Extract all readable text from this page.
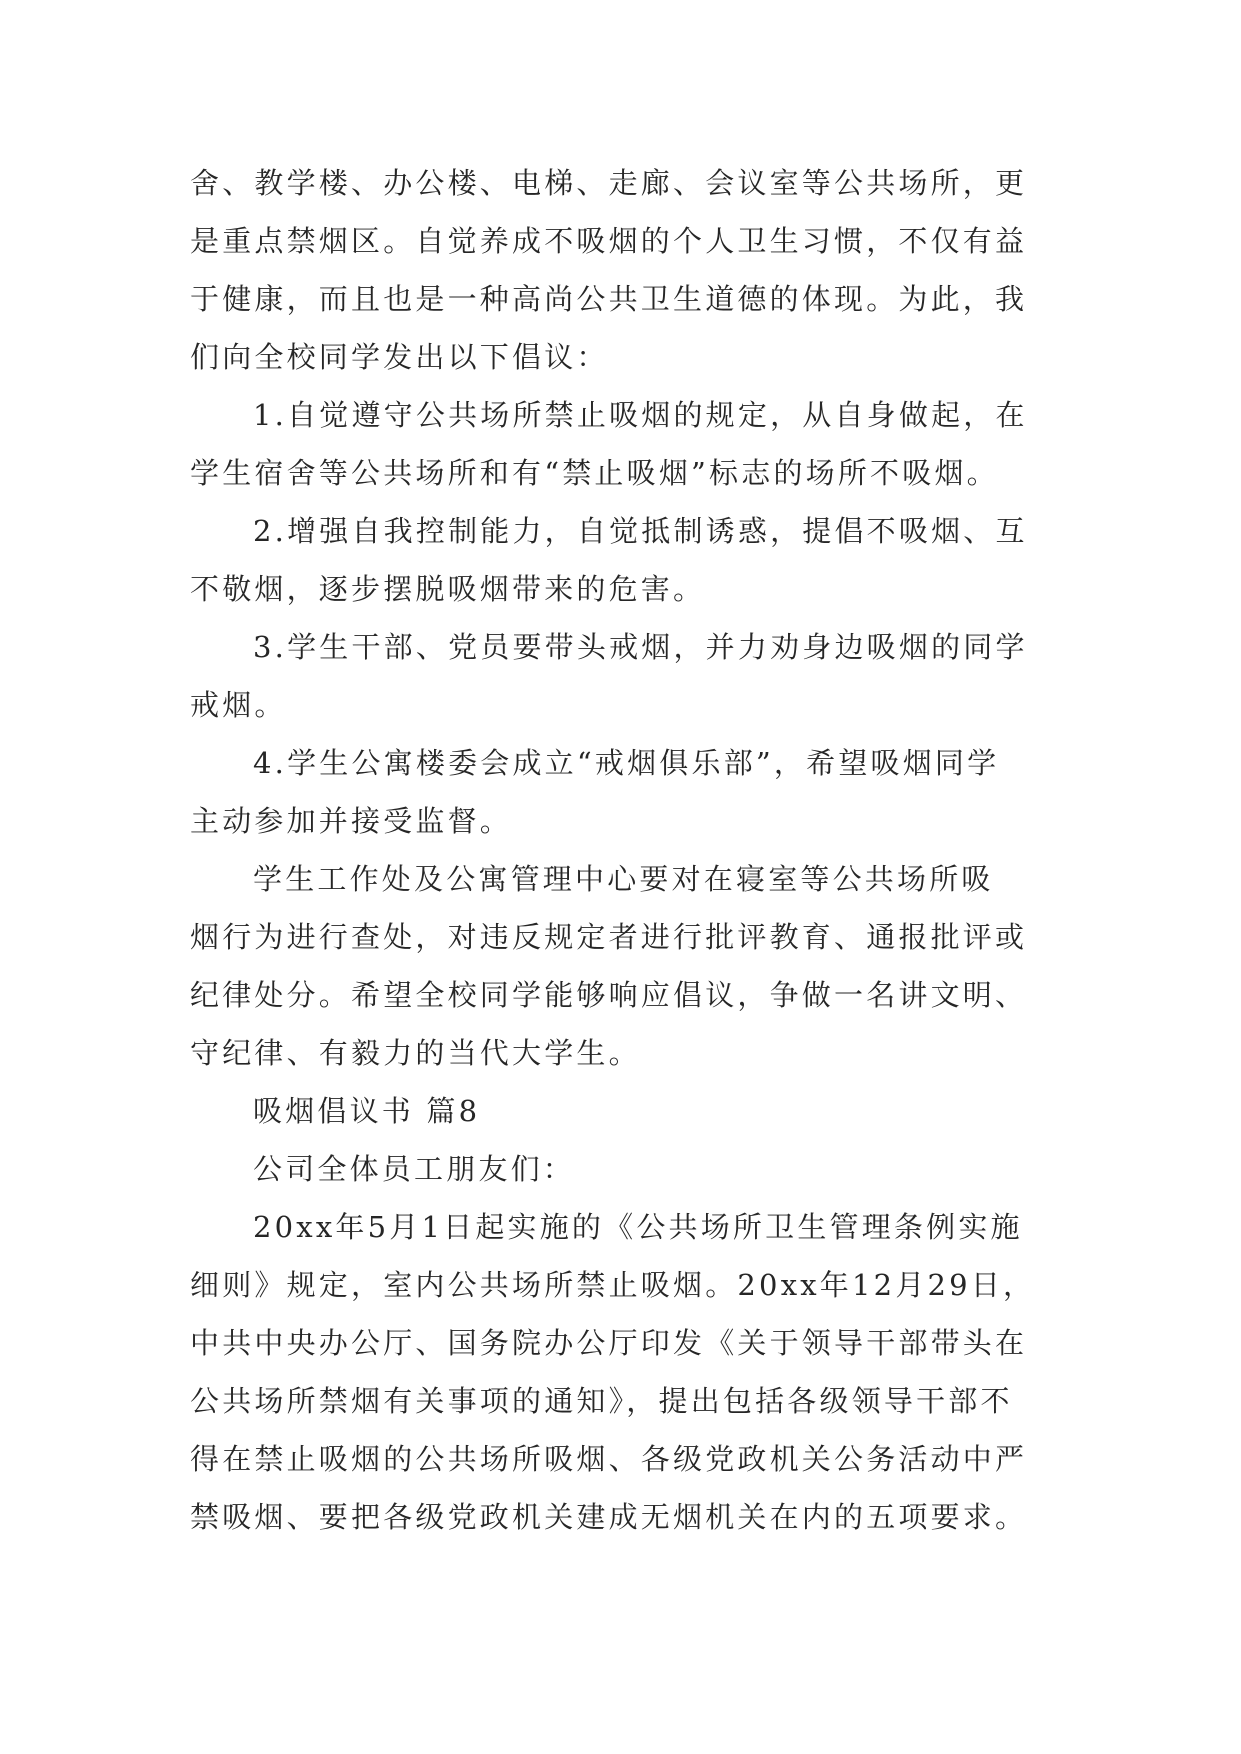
舍、教学楼、办公楼、电梯、走廊、会议室等公共场所，更
是重点禁烟区。自觉养成不吸烟的个人卫生习惯，不仅有益
于健康，而且也是一种高尚公共卫生道德的体现。为此，我
们向全校同学发出以下倡议：
1.自觉遵守公共场所禁止吸烟的规定，从自身做起，在
学生宿舍等公共场所和有“禁止吸烟”标志的场所不吸烟。
2.增强自我控制能力，自觉抵制诱惑，提倡不吸烟、互
不敬烟，逐步摆脱吸烟带来的危害。
3.学生干部、党员要带头戒烟，并力劝身边吸烟的同学
戒烟。
4.学生公寓楼委会成立“戒烟俱乐部”，希望吸烟同学
主动参加并接受监督。
学生工作处及公寓管理中心要对在寝室等公共场所吸
烟行为进行查处，对违反规定者进行批评教育、通报批评或
纪律处分。希望全校同学能够响应倡议，争做一名讲文明、
守纪律、有毅力的当代大学生。
吸烟倡议书 篇8
公司全体员工朋友们：
20xx年5月1日起实施的《公共场所卫生管理条例实施
细则》规定，室内公共场所禁止吸烟。20xx年12月29日，
中共中央办公厅、国务院办公厅印发《关于领导干部带头在
公共场所禁烟有关事项的通知》，提出包括各级领导干部不
得在禁止吸烟的公共场所吸烟、各级党政机关公务活动中严
禁吸烟、要把各级党政机关建成无烟机关在内的五项要求。
